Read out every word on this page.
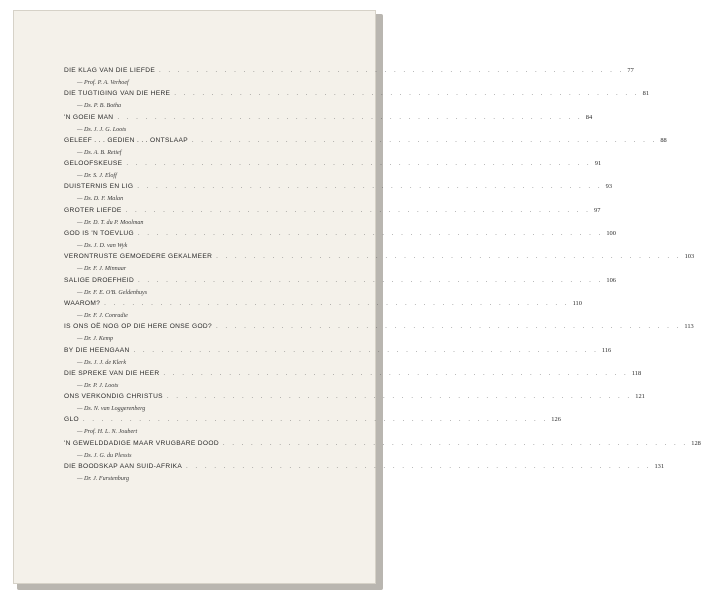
DIE KLAG VAN DIE LIEFDE . . . . . . . . . . . . . . . . . . . . . . . . . . . . . . . . . . . . . . . . . . . . . . . . . . 77
— Prof. P. A. Verhoef
DIE TUGTIGING VAN DIE HERE . . . . . . . . . . . . . . . . . . . . . . . . . . . . . . . . . . . . . . . . . . . . . . . . . . 81
— Ds. P. B. Botha
'N GOEIE MAN . . . . . . . . . . . . . . . . . . . . . . . . . . . . . . . . . . . . . . . . . . . . . . . . . . 84
— Ds. J. J. G. Loots
GELEEF . . . GEDIEN . . . ONTSLAAP . . . . . . . . . . . . . . . . . . . . . . . . . . . . . . . . . . . . . . . . . . . . . . . . . . 88
— Ds. A. B. Retief
GELOOFSKEUSE . . . . . . . . . . . . . . . . . . . . . . . . . . . . . . . . . . . . . . . . . . . . . . . . . . 91
— Dr. S. J. Eloff
DUISTERNIS EN LIG . . . . . . . . . . . . . . . . . . . . . . . . . . . . . . . . . . . . . . . . . . . . . . . . . . 93
— Ds. D. F. Malan
GROTER LIEFDE . . . . . . . . . . . . . . . . . . . . . . . . . . . . . . . . . . . . . . . . . . . . . . . . . . 97
— Dr. D. T. du P. Moolman
GOD IS 'N TOEVLUG . . . . . . . . . . . . . . . . . . . . . . . . . . . . . . . . . . . . . . . . . . . . . . . . . . 100
— Ds. J. D. van Wyk
VERONTRUSTE GEMOEDERE GEKALMEER . . . . . . . . . . . . . . . . . . . . . . . . . . . . . . . . . . . . . . . . . . . . . . . . . . 103
— Dr. F. J. Minnaar
SALIGE DROEFHEID . . . . . . . . . . . . . . . . . . . . . . . . . . . . . . . . . . . . . . . . . . . . . . . . . . 106
— Dr. F. E. O'B. Geldenhuys
WAAROM? . . . . . . . . . . . . . . . . . . . . . . . . . . . . . . . . . . . . . . . . . . . . . . . . . . 110
— Dr. F. J. Conradie
IS ONS OË NOG OP DIE HERE ONSE GOD? . . . . . . . . . . . . . . . . . . . . . . . . . . . . . . . . . . . . . . . . . . . . . . . . . . 113
— Dr. J. Kemp
BY DIE HEENGAAN . . . . . . . . . . . . . . . . . . . . . . . . . . . . . . . . . . . . . . . . . . . . . . . . . . 116
— Ds. J. J. de Klerk
DIE SPREKE VAN DIE HEER . . . . . . . . . . . . . . . . . . . . . . . . . . . . . . . . . . . . . . . . . . . . . . . . . . 118
— Dr. P. J. Loots
ONS VERKONDIG CHRISTUS . . . . . . . . . . . . . . . . . . . . . . . . . . . . . . . . . . . . . . . . . . . . . . . . . . 121
— Ds. N. van Loggerenberg
GLO . . . . . . . . . . . . . . . . . . . . . . . . . . . . . . . . . . . . . . . . . . . . . . . . . . 126
— Prof. H. L. N. Joubert
'N GEWELDDADIGE MAAR VRUGBARE DOOD . . . . . . . . . . . . . . . . . . . . . . . . . . . . . . . . . . . . . . . . . . . . . . . . . . 128
— Ds. J. G. du Plessis
DIE BOODSKAP AAN SUID-AFRIKA . . . . . . . . . . . . . . . . . . . . . . . . . . . . . . . . . . . . . . . . . . . . . . . . . . 131
— Dr. J. Furstenburg
